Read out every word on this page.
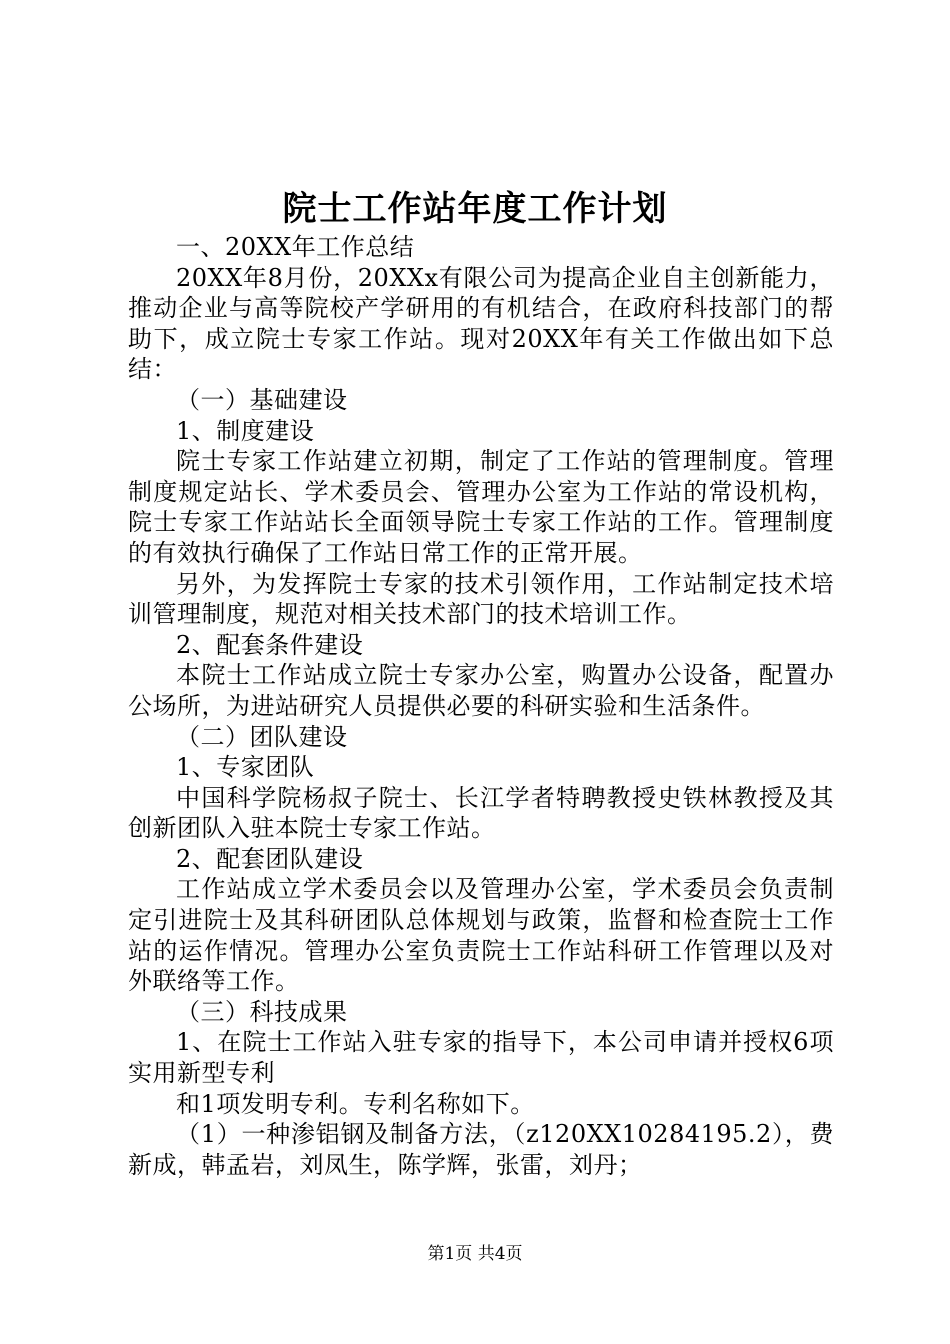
院士工作站年度工作计划

一、20XX年工作总结

20XX年8月份，20XXx有限公司为提高企业自主创新能力，推动企业与高等院校产学研用的有机结合，在政府科技部门的帮助下，成立院士专家工作站。现对20XX年有关工作做出如下总结：

（一）基础建设

1、制度建设

院士专家工作站建立初期，制定了工作站的管理制度。管理制度规定站长、学术委员会、管理办公室为工作站的常设机构，院士专家工作站站长全面领导院士专家工作站的工作。管理制度的有效执行确保了工作站日常工作的正常开展。

另外，为发挥院士专家的技术引领作用，工作站制定技术培训管理制度，规范对相关技术部门的技术培训工作。

2、配套条件建设

本院士工作站成立院士专家办公室，购置办公设备，配置办公场所，为进站研究人员提供必要的科研实验和生活条件。

（二）团队建设

1、专家团队

中国科学院杨叔子院士、长江学者特聘教授史铁林教授及其创新团队入驻本院士专家工作站。

2、配套团队建设

工作站成立学术委员会以及管理办公室，学术委员会负责制定引进院士及其科研团队总体规划与政策，监督和检查院士工作站的运作情况。管理办公室负责院士工作站科研工作管理以及对外联络等工作。

（三）科技成果

1、在院士工作站入驻专家的指导下，本公司申请并授权6项实用新型专利

和1项发明专利。专利名称如下。

（1）一种渗铝钢及制备方法，（z120XX10284195.2），费新成，韩孟岩，刘凤生，陈学辉，张雷，刘丹；

第1页 共4页
